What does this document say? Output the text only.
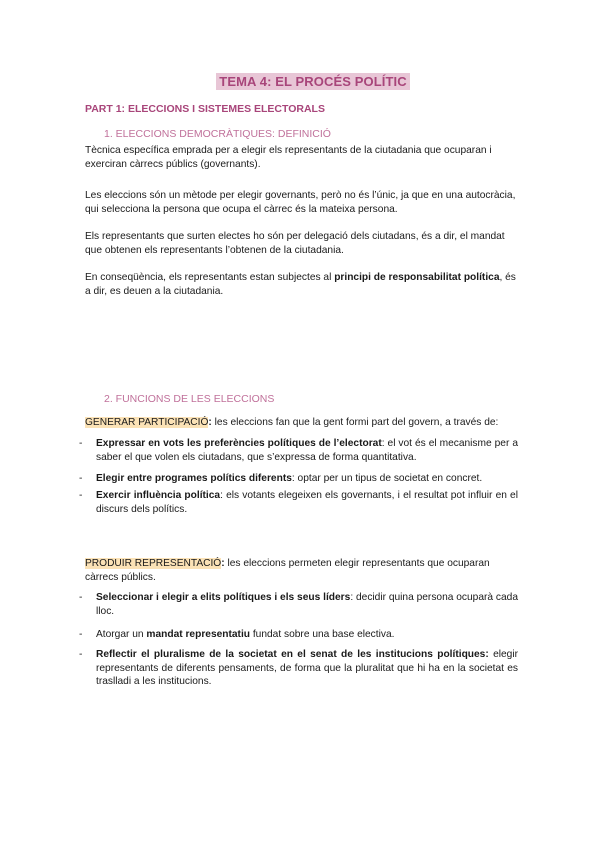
TEMA 4: EL PROCÉS POLÍTIC
PART 1: ELECCIONS I SISTEMES ELECTORALS
1. ELECCIONS DEMOCRÀTIQUES: DEFINICIÓ
Tècnica específica emprada per a elegir els representants de la ciutadania que ocuparan i exerciran càrrecs públics (governants).
Les eleccions són un mètode per elegir governants, però no és l’únic, ja que en una autocràcia, qui selecciona la persona que ocupa el càrrec és la mateixa persona.
Els representants que surten electes ho són per delegació dels ciutadans, és a dir, el mandat que obtenen els representants l’obtenen de la ciutadania.
En conseqüència, els representants estan subjectes al principi de responsabilitat política, és a dir, es deuen a la ciutadania.
2. FUNCIONS DE LES ELECCIONS
GENERAR PARTICIPACIÓ: les eleccions fan que la gent formi part del govern, a través de:
- Expressar en vots les preferències polítiques de l’electorat: el vot és el mecanisme per a saber el que volen els ciutadans, que s’expressa de forma quantitativa.
- Elegir entre programes polítics diferents: optar per un tipus de societat en concret.
- Exercir influència política: els votants elegeixen els governants, i el resultat pot influir en el discurs dels polítics.
PRODUIR REPRESENTACIÓ: les eleccions permeten elegir representants que ocuparan càrrecs públics.
- Seleccionar i elegir a elits polítiques i els seus líders: decidir quina persona ocuparà cada lloc.
- Atorgar un mandat representatiu fundat sobre una base electiva.
- Reflectir el pluralisme de la societat en el senat de les institucions polítiques: elegir representants de diferents pensaments, de forma que la pluralitat que hi ha en la societat es traslladi a les institucions.
